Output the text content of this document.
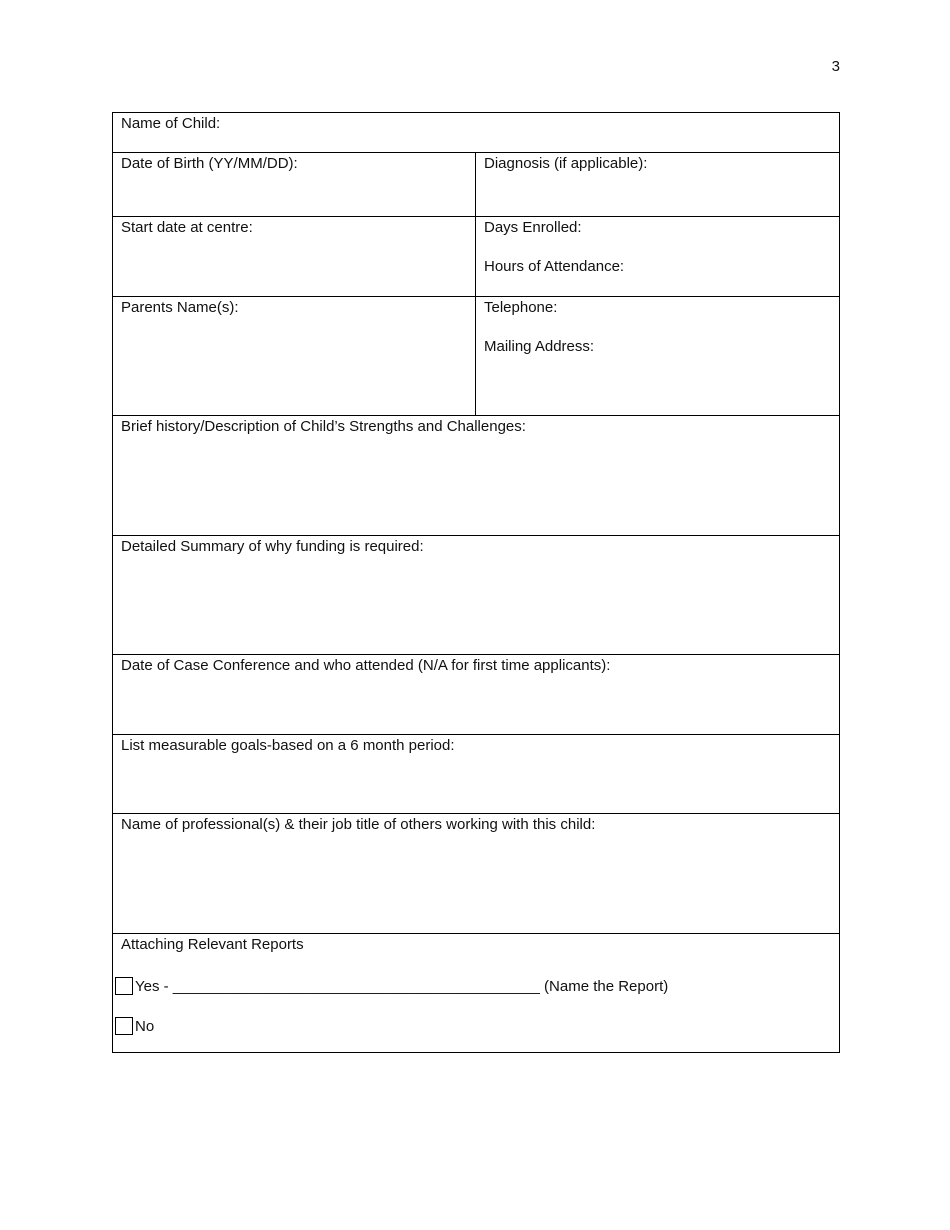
3
Name of Child:	

Date of Birth (YY/MM/DD):	Diagnosis (if applicable):

Start date at centre:	Days Enrolled:
Hours of Attendance:

Parents Name(s):	Telephone:
Mailing Address:

Brief history/Description of Child’s Strengths and Challenges:	

Detailed Summary of why funding is required:	

Date of Case Conference and who attended (N/A for first time applicants):	

List measurable goals-based on a 6 month period:	

Name of professional(s) & their job title of others working with this child:	

Attaching Relevant Reports
Yes - ____________________________________________ (Name the Report)
No	
